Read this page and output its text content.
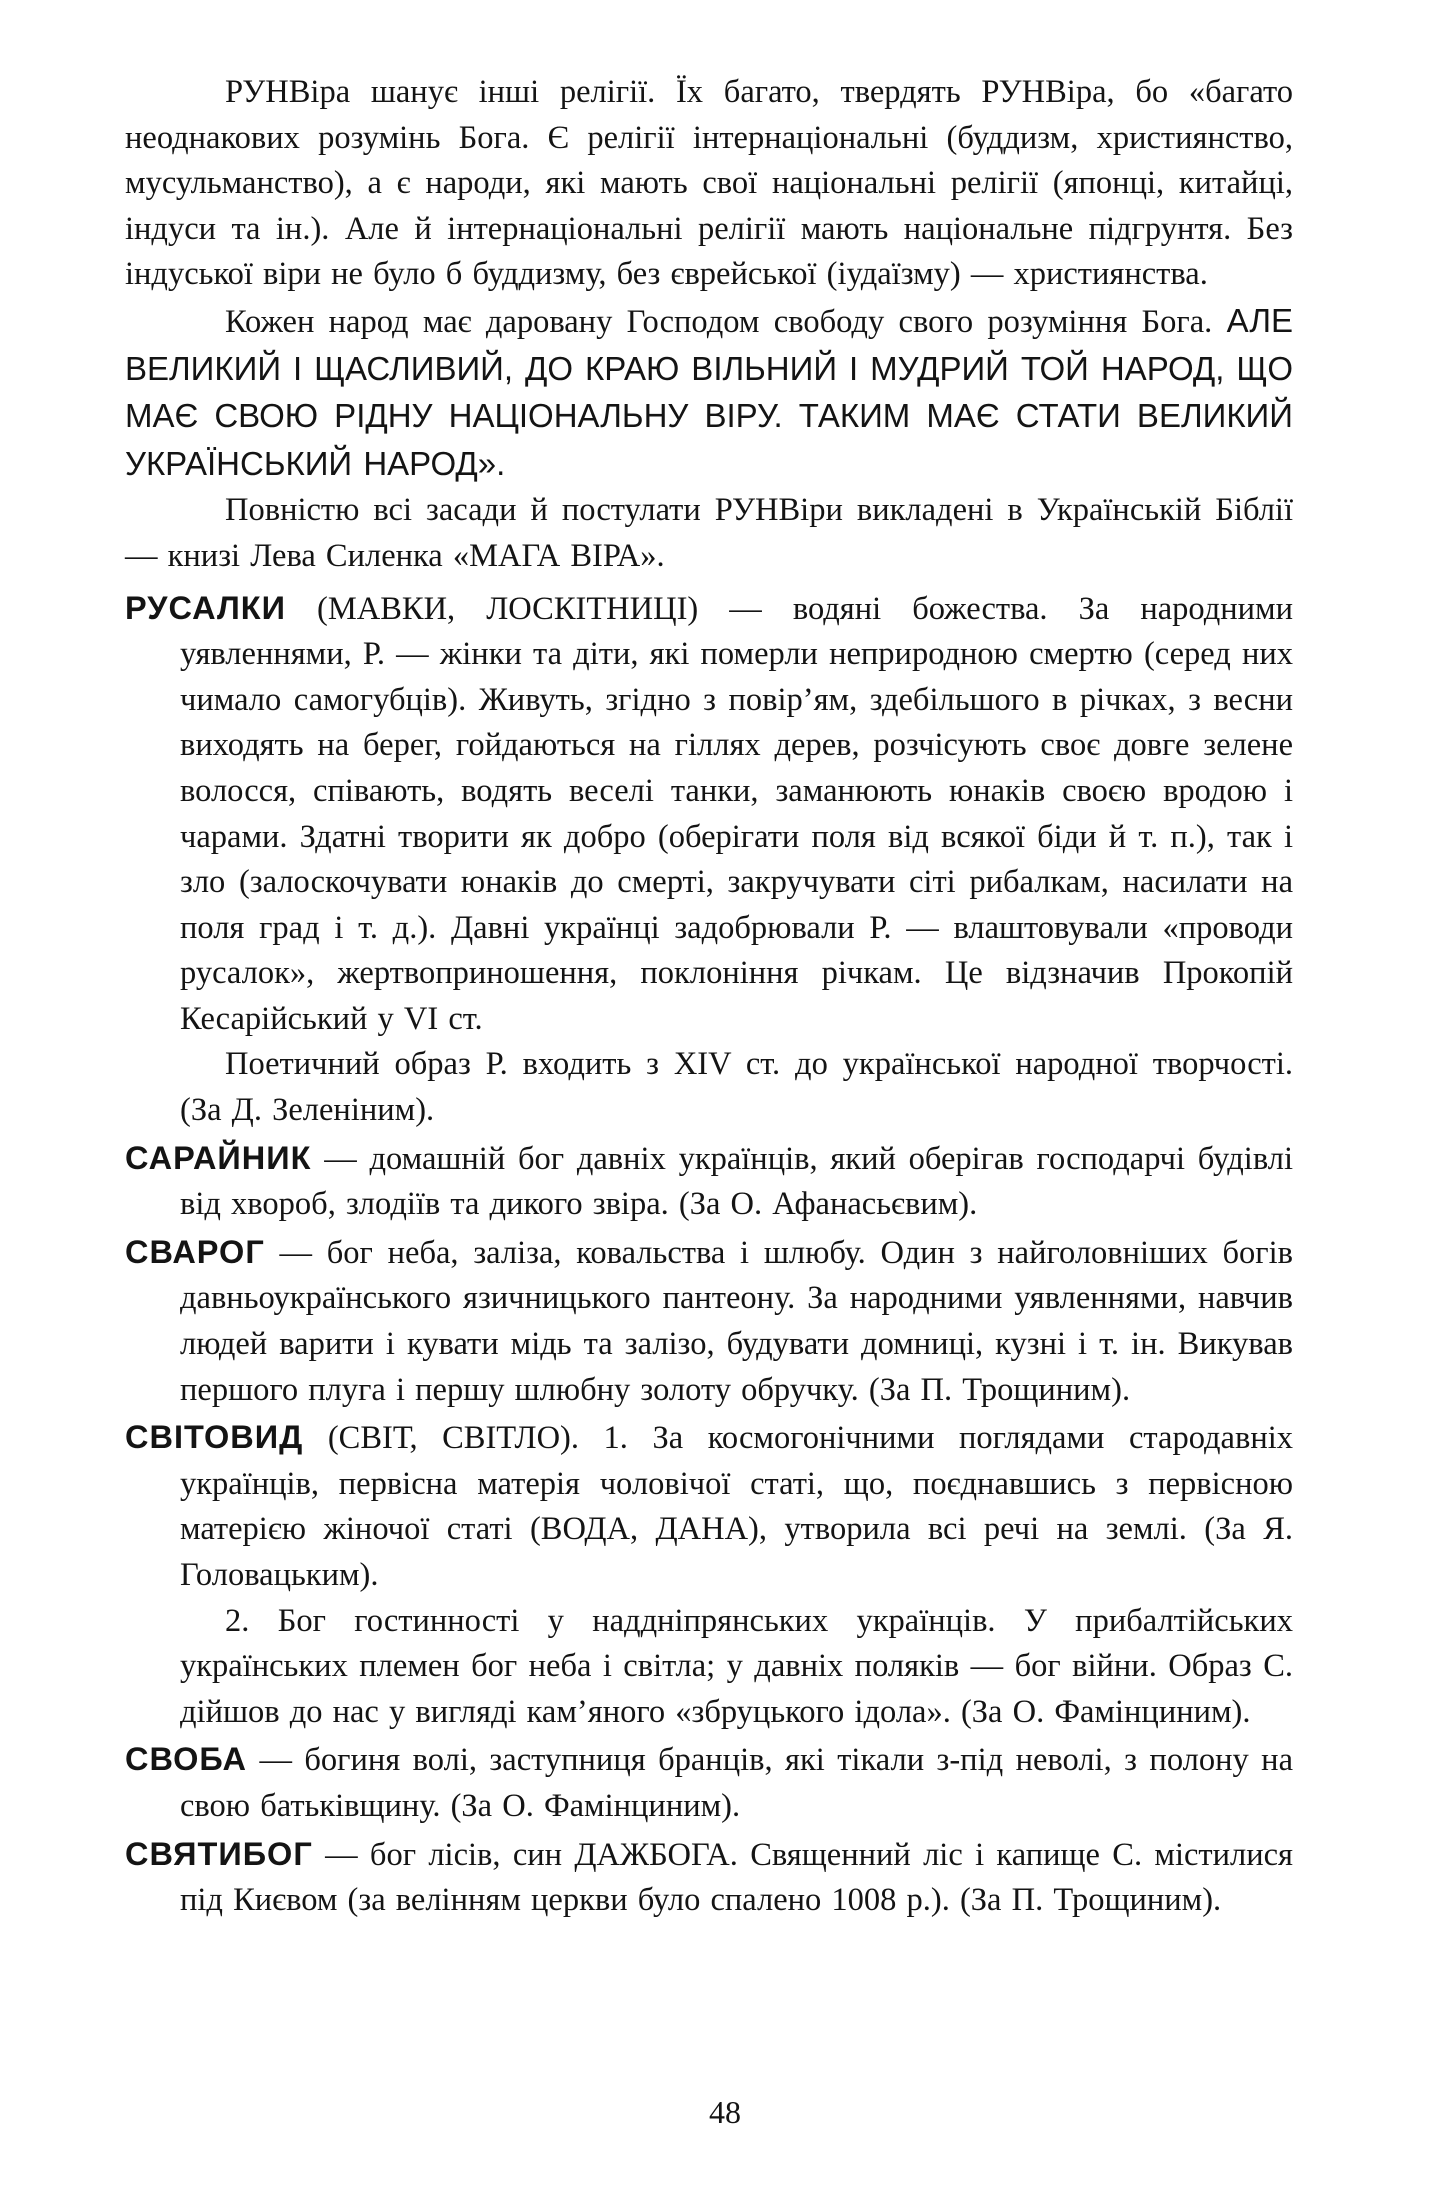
РУНВіра шанує інші релігії. Їх багато, твердять РУНВіра, бо «багато неоднакових розумінь Бога. Є релігії інтернаціональні (буддизм, християнство, мусульманство), а є народи, які мають свої національні релігії (японці, китайці, індуси та ін.). Але й інтернаціональні релігії мають національне підгрунтя. Без індуської віри не було б буддизму, без єврейської (іудаїзму) — християнства.

Кожен народ має даровану Господом свободу свого розуміння Бога. АЛЕ ВЕЛИКИЙ І ЩАСЛИВИЙ, ДО КРАЮ ВІЛЬНИЙ І МУДРИЙ ТОЙ НАРОД, ЩО МАЄ СВОЮ РІДНУ НАЦІОНАЛЬНУ ВІРУ. ТАКИМ МАЄ СТАТИ ВЕЛИКИЙ УКРАЇНСЬКИЙ НАРОД».

Повністю всі засади й постулати РУНВіри викладені в Українській Біблії — книзі Лева Силенка «МАГА ВІРА».

РУСАЛКИ (МАВКИ, ЛОСКІТНИЦІ) — водяні божества. За народними уявленнями, Р. — жінки та діти, які померли неприродною смертю (серед них чимало самогубців). Живуть, згідно з повір’ям, здебільшого в річках, з весни виходять на берег, гойдаються на гіллях дерев, розчісують своє довге зелене волосся, співають, водять веселі танки, заманюють юнаків своєю вродою і чарами. Здатні творити як добро (оберігати поля від всякої біди й т. п.), так і зло (залоскочувати юнаків до смерті, закручувати сіті рибалкам, насилати на поля град і т. д.). Давні українці задобрювали Р. — влаштовували «проводи русалок», жертвоприношення, поклоніння річкам. Це відзначив Прокопій Кесарійський у VI ст.

Поетичний образ Р. входить з XIV ст. до української народної творчості. (За Д. Зеленіним).

САРАЙНИК — домашній бог давніх українців, який оберігав господарчі будівлі від хвороб, злодіїв та дикого звіра. (За О. Афанасьєвим).

СВАРОГ — бог неба, заліза, ковальства і шлюбу. Один з найголовніших богів давньоукраїнського язичницького пантеону. За народними уявленнями, навчив людей варити і кувати мідь та залізо, будувати домниці, кузні і т. ін. Викував першого плуга і першу шлюбну золоту обручку. (За П. Трощиним).

СВІТОВИД (СВІТ, СВІТЛО). 1. За космогонічними поглядами стародавніх українців, первісна матерія чоловічої статі, що, поєднавшись з первісною матерією жіночої статі (ВОДА, ДАНА), утворила всі речі на землі. (За Я. Головацьким).

2. Бог гостинності у наддніпрянських українців. У прибалтійських українських племен бог неба і світла; у давніх поляків — бог війни. Образ С. дійшов до нас у вигляді кам’яного «збруцького ідола». (За О. Фамінциним).

СВОБА — богиня волі, заступниця бранців, які тікали з-під неволі, з полону на свою батьківщину. (За О. Фамінциним).

СВЯТИБОГ — бог лісів, син ДАЖБОГА. Священний ліс і капище С. містилися під Києвом (за велінням церкви було спалено 1008 р.). (За П. Трощиним).

48
